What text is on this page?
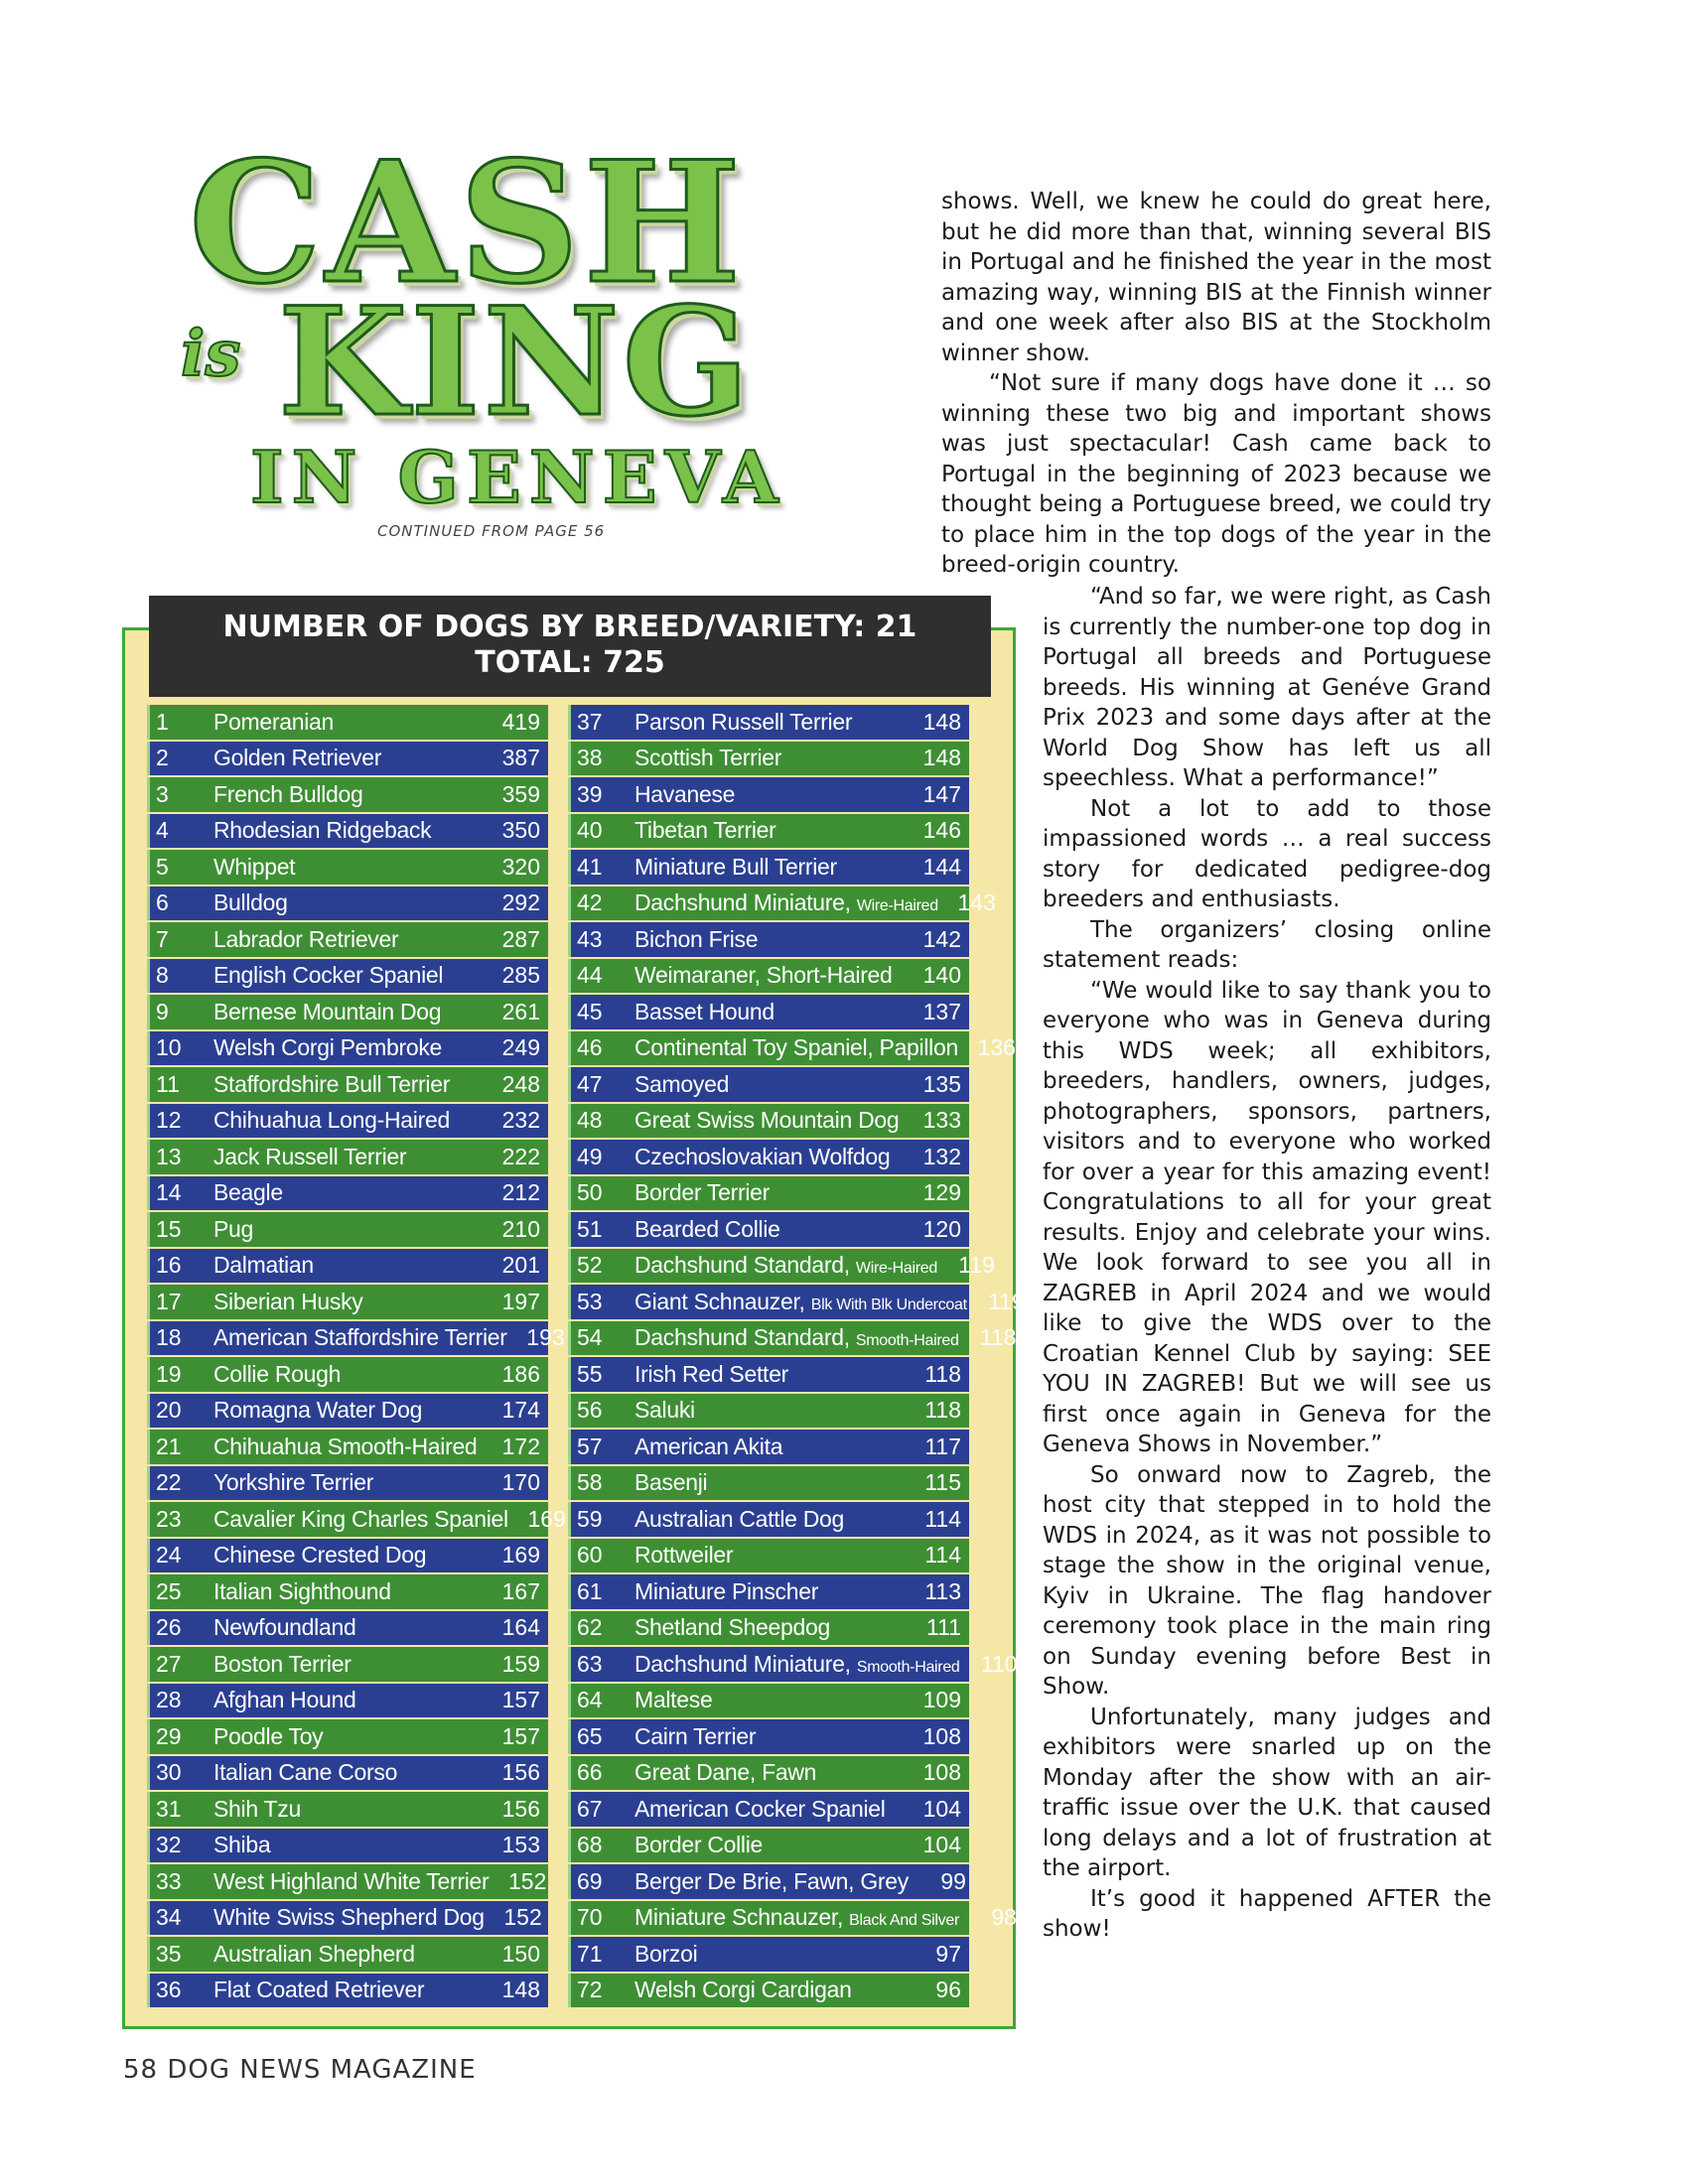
CASH
is KING
IN GENEVA
CONTINUED FROM PAGE 56
NUMBER OF DOGS BY BREED/VARIETY: 21
TOTAL: 725
1	Pomeranian	419
2	Golden Retriever	387
3	French Bulldog	359
4	Rhodesian Ridgeback	350
5	Whippet	320
6	Bulldog	292
7	Labrador Retriever	287
8	English Cocker Spaniel	285
9	Bernese Mountain Dog	261
10	Welsh Corgi Pembroke	249
11	Staffordshire Bull Terrier	248
12	Chihuahua Long-Haired	232
13	Jack Russell Terrier	222
14	Beagle	212
15	Pug	210
16	Dalmatian	201
17	Siberian Husky	197
18	American Staffordshire Terrier 193
19	Collie Rough	186
20	Romagna Water Dog	174
21	Chihuahua Smooth-Haired	172
22	Yorkshire Terrier	170
23	Cavalier King Charles Spaniel 169
24	Chinese Crested Dog	169
25	Italian Sighthound	167
26	Newfoundland	164
27	Boston Terrier	159
28	Afghan Hound	157
29	Poodle Toy	157
30	Italian Cane Corso	156
31	Shih Tzu	156
32	Shiba	153
33	West Highland White Terrier 152
34	White Swiss Shepherd Dog 152
35	Australian Shepherd	150
36	Flat Coated Retriever	148
37	Parson Russell Terrier	148
38	Scottish Terrier	148
39	Havanese	147
40	Tibetan Terrier	146
41	Miniature Bull Terrier	144
42	Dachshund Miniature, Wire-Haired 143
43	Bichon Frise	142
44	Weimaraner, Short-Haired	140
45	Basset Hound	137
46	Continental Toy Spaniel, Papillon 136
47	Samoyed	135
48	Great Swiss Mountain Dog	133
49	Czechoslovakian Wolfdog	132
50	Border Terrier	129
51	Bearded Collie	120
52	Dachshund Standard, Wire-Haired 119
53	Giant Schnauzer, Blk With Blk Undercoat 119
54	Dachshund Standard, Smooth-Haired 118
55	Irish Red Setter	118
56	Saluki	118
57	American Akita	117
58	Basenji	115
59	Australian Cattle Dog	114
60	Rottweiler	114
61	Miniature Pinscher	113
62	Shetland Sheepdog	111
63	Dachshund Miniature, Smooth-Haired 110
64	Maltese	109
65	Cairn Terrier	108
66	Great Dane, Fawn	108
67	American Cocker Spaniel	104
68	Border Collie	104
69	Berger De Brie, Fawn, Grey	99
70	Miniature Schnauzer, Black And Silver	98
71	Borzoi	97
72	Welsh Corgi Cardigan	96

shows. Well, we knew he could do great here, but he did more than that, winning several BIS in Portugal and he finished the year in the most amazing way, winning BIS at the Finnish winner and one week after also BIS at the Stockholm winner show.

“Not sure if many dogs have done it … so winning these two big and important shows was just spectacular! Cash came back to Portugal in the beginning of 2023 because we thought being a Portuguese breed, we could try to place him in the top dogs of the year in the breed-origin country.

“And so far, we were right, as Cash is currently the number-one top dog in Portugal all breeds and Portuguese breeds. His winning at Genéve Grand Prix 2023 and some days after at the World Dog Show has left us all speechless. What a performance!”

Not a lot to add to those impassioned words … a real success story for dedicated pedigree-dog breeders and enthusiasts.

The organizers’ closing online statement reads:

“We would like to say thank you to everyone who was in Geneva during this WDS week; all exhibitors, breeders, handlers, owners, judges, photographers, sponsors, partners, visitors and to everyone who worked for over a year for this amazing event! Congratulations to all for your great results. Enjoy and celebrate your wins. We look forward to see you all in ZAGREB in April 2024 and we would like to give the WDS over to the Croatian Kennel Club by saying: SEE YOU IN ZAGREB! But we will see us first once again in Geneva for the Geneva Shows in November.”

So onward now to Zagreb, the host city that stepped in to hold the WDS in 2024, as it was not possible to stage the show in the original venue, Kyiv in Ukraine. The flag handover ceremony took place in the main ring on Sunday evening before Best in Show.

Unfortunately, many judges and exhibitors were snarled up on the Monday after the show with an air-traffic issue over the U.K. that caused long delays and a lot of frustration at the airport.

It’s good it happened AFTER the show!

58 DOG NEWS MAGAZINE
